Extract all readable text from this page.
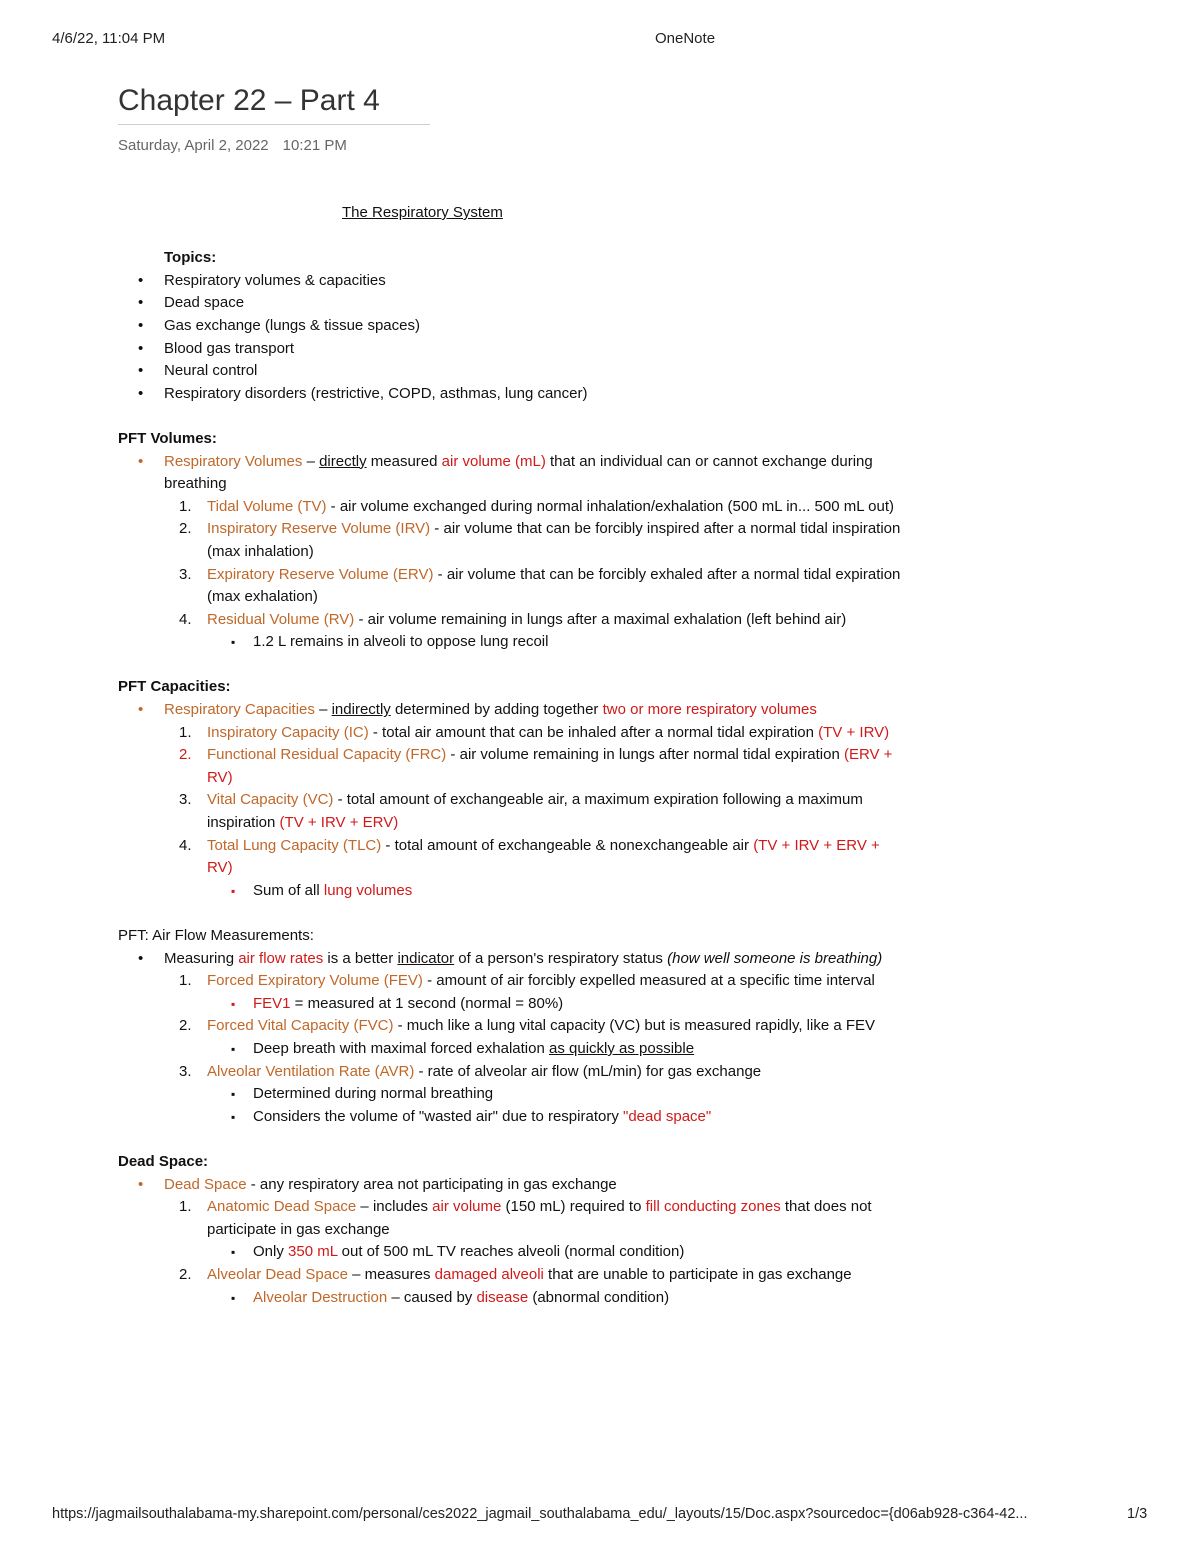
4/6/22, 11:04 PM	OneNote
Chapter 22 – Part 4
Saturday, April 2, 2022 10:21 PM
The Respiratory System
Topics:
• Respiratory volumes & capacities
• Dead space
• Gas exchange (lungs & tissue spaces)
• Blood gas transport
• Neural control
• Respiratory disorders (restrictive, COPD, asthmas, lung cancer)
PFT Volumes:
• Respiratory Volumes – directly measured air volume (mL) that an individual can or cannot exchange during breathing
1. Tidal Volume (TV) - air volume exchanged during normal inhalation/exhalation (500 mL in... 500 mL out)
2. Inspiratory Reserve Volume (IRV) - air volume that can be forcibly inspired after a normal tidal inspiration (max inhalation)
3. Expiratory Reserve Volume (ERV) - air volume that can be forcibly exhaled after a normal tidal expiration (max exhalation)
4. Residual Volume (RV) - air volume remaining in lungs after a maximal exhalation (left behind air)
▪ 1.2 L remains in alveoli to oppose lung recoil
PFT Capacities:
• Respiratory Capacities – indirectly determined by adding together two or more respiratory volumes
1. Inspiratory Capacity (IC) - total air amount that can be inhaled after a normal tidal expiration (TV + IRV)
2. Functional Residual Capacity (FRC) - air volume remaining in lungs after normal tidal expiration (ERV + RV)
3. Vital Capacity (VC) - total amount of exchangeable air, a maximum expiration following a maximum inspiration (TV + IRV + ERV)
4. Total Lung Capacity (TLC) - total amount of exchangeable & nonexchangeable air (TV + IRV + ERV + RV)
▪ Sum of all lung volumes
PFT: Air Flow Measurements:
• Measuring air flow rates is a better indicator of a person's respiratory status (how well someone is breathing)
1. Forced Expiratory Volume (FEV) - amount of air forcibly expelled measured at a specific time interval
▪ FEV1 = measured at 1 second (normal = 80%)
2. Forced Vital Capacity (FVC) - much like a lung vital capacity (VC) but is measured rapidly, like a FEV
▪ Deep breath with maximal forced exhalation as quickly as possible
3. Alveolar Ventilation Rate (AVR) - rate of alveolar air flow (mL/min) for gas exchange
▪ Determined during normal breathing
▪ Considers the volume of "wasted air" due to respiratory "dead space"
Dead Space:
• Dead Space - any respiratory area not participating in gas exchange
1. Anatomic Dead Space – includes air volume (150 mL) required to fill conducting zones that does not participate in gas exchange
▪ Only 350 mL out of 500 mL TV reaches alveoli (normal condition)
2. Alveolar Dead Space – measures damaged alveoli that are unable to participate in gas exchange
▪ Alveolar Destruction – caused by disease (abnormal condition)
https://jagmailsouthalabama-my.sharepoint.com/personal/ces2022_jagmail_southalabama_edu/_layouts/15/Doc.aspx?sourcedoc={d06ab928-c364-42...	1/3
